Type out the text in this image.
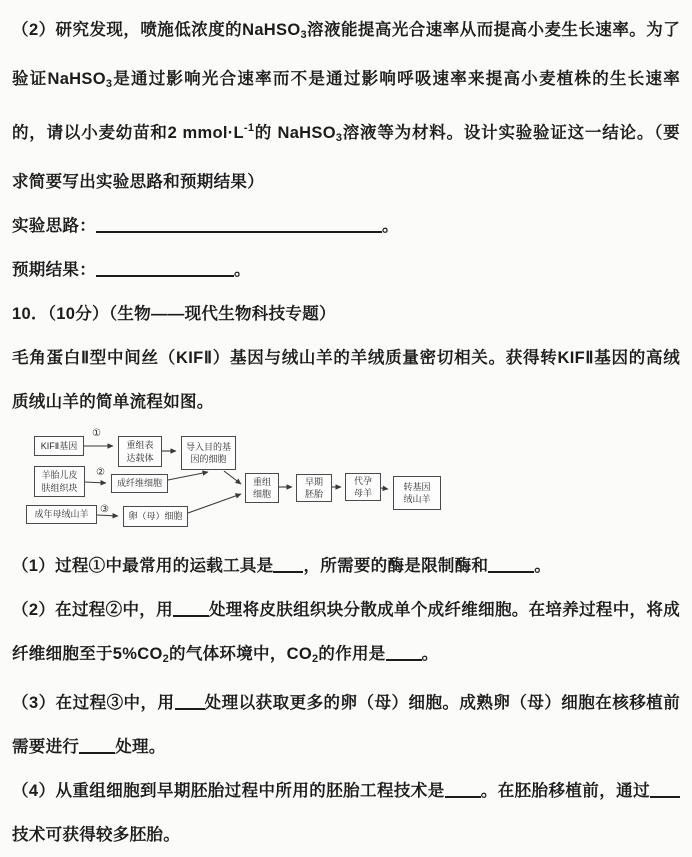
（2）研究发现，喷施低浓度的NaHSO$_3$溶液能提高光合速率从而提高小麦生长速率。为了验证NaHSO$_3$是通过影响光合速率而不是通过影响呼吸速率来提高小麦植株的生长速率的，请以小麦幼苗和2 $mmol\cdot L^{-1}$的 NaHSO$_3$溶液等为材料。设计实验验证这一结论。（要求简要写出实验思路和预期结果）

实验思路：	。

预期结果：	。

10．（10分）（生物——现代生物科技专题）

毛角蛋白Ⅱ型中间丝（KIFⅡ）基因与绒山羊的羊绒质量密切相关。获得转KIFⅡ基因的高绒质绒山羊的简单流程如图。

①
②
③
KIFⅡ基因	重组表达载体
导入目的基因的细胞
羊胎儿皮肤组织块	成纤维细胞
成年母绒山羊	卵（母）细胞
重组细胞
早期胚胎
代孕母羊
转基因绒山羊

（1）过程①中最常用的运载工具是 ，所需要的酶是限制酶和	。

（2）在过程②中，用 处理将皮肤组织块分散成单个成纤维细胞。在培养过程中，将成纤维细胞至于$5\%CO_2$的气体环境中，$CO_2$的作用是 。

（3）在过程③中，用 处理以获取更多的卵（母）细胞。成熟卵（母）细胞在核移植前需要进行 处理。

（4）从重组细胞到早期胚胎过程中所用的胚胎工程技术是 。在胚胎移植前，通过技术可获得较多胚胎。
